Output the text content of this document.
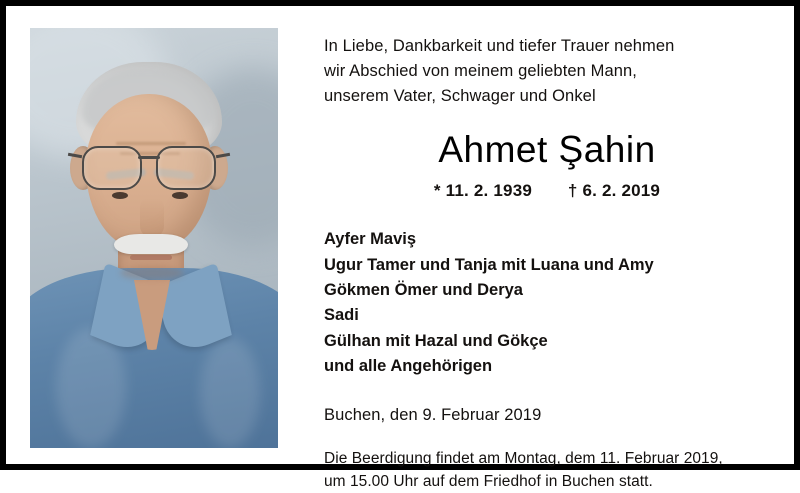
In Liebe, Dankbarkeit und tiefer Trauer nehmen
wir Abschied von meinem geliebten Mann,
unserem Vater, Schwager und Onkel
Ahmet Şahin
* 11. 2. 1939 † 6. 2. 2019
Ayfer Maviş
Ugur Tamer und Tanja mit Luana und Amy
Gökmen Ömer und Derya
Sadi
Gülhan mit Hazal und Gökçe
und alle Angehörigen
Buchen, den 9. Februar 2019
Die Beerdigung findet am Montag, dem 11. Februar 2019,
um 15.00 Uhr auf dem Friedhof in Buchen statt.
